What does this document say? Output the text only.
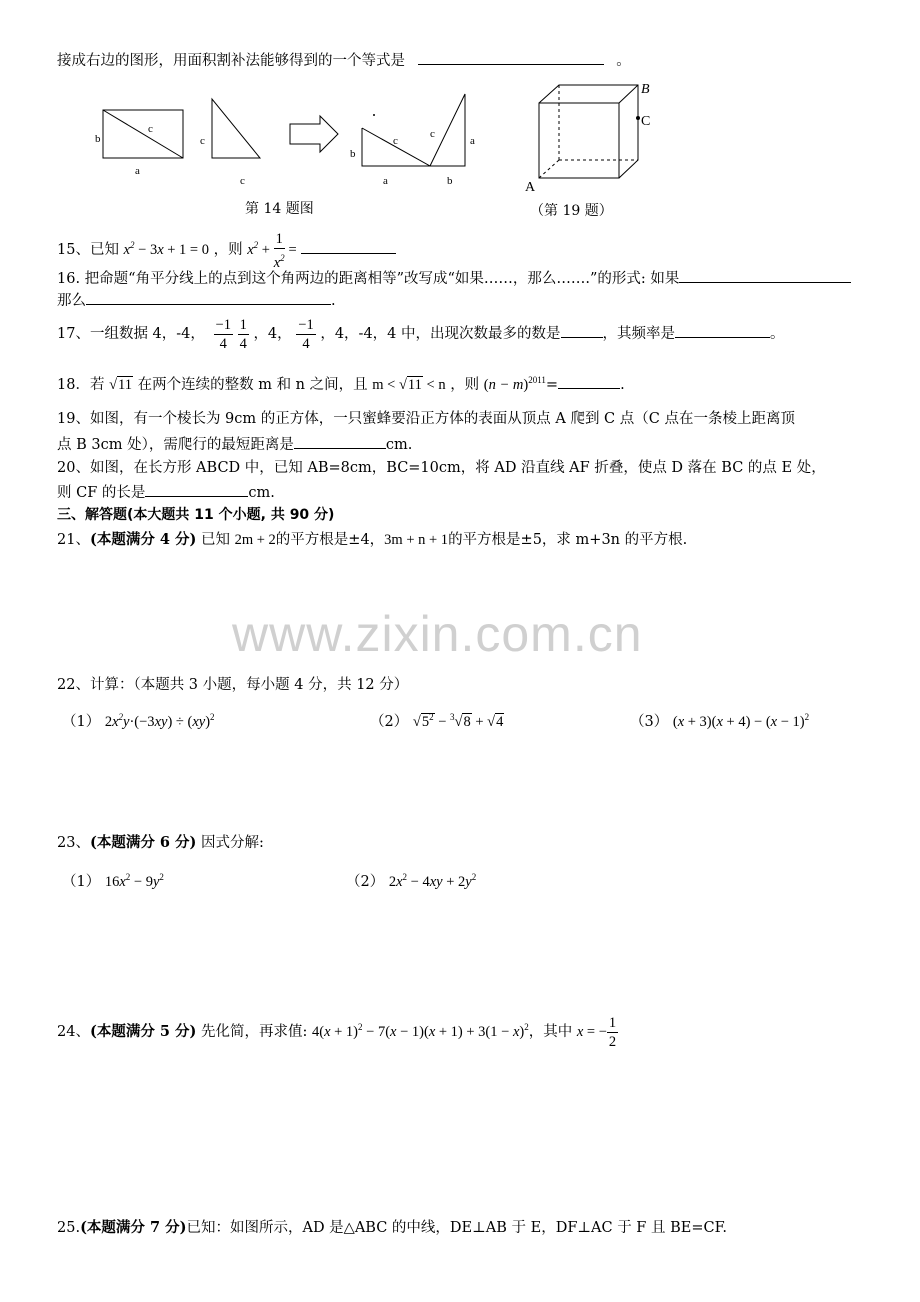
接成右边的图形，用面积割补法能够得到的一个等式是	。
b
c
a
c
c
b
c
c
a
a	b
第 14 题图
A
B
C
（第 19 题）
15、已知 $x^2 - 3x + 1 = 0$ ，则 $x^2 + \frac{1}{x^2}$ =
16. 把命题“角平分线上的点到这个角两边的距离相等”改写成“如果……，那么…….”的形式: 如果
那么	.
17、一组数据 4，-4， $\frac{-1}{4}$
$\frac{1}{4}$ ，4， $\frac{-1}{4}$ ，4，-4，4 中，出现次数最多的数是	，其频率是	。
18．若 √11 在两个连续的整数 m 和 n 之间，且 m < √11 < n ，则 $(n - m)^{2011}=$	.
19、如图，有一个棱长为 9cm 的正方体，一只蜜蜂要沿正方体的表面从顶点 A 爬到 C 点（C 点在一条棱上距离顶
点 B 3cm 处），需爬行的最短距离是	cm.
20、如图，在长方形 ABCD 中，已知 AB=8cm，BC=10cm，将 AD 沿直线 AF 折叠，使点 D 落在 BC 的点 E 处，
则 CF 的长是	cm.
三、解答题(本大题共 11 个小题, 共 90 分)
21、(本题满分 4 分) 已知 2m + 2的平方根是±4，3m + n + 1的平方根是±5，求 m+3n 的平方根.
www.zixin.com.cn
22、计算：（本题共 3 小题，每小题 4 分，共 12 分）
（1） $2x^2y\cdot(-3xy) \div (xy)^2$	（2） $√5^2 - ^3√8 + √4$	（3） $(x + 3)(x + 4) - (x - 1)^2$
23、(本题满分 6 分) 因式分解:
（1） $16x^2 - 9y^2$	（2） $2x^2 - 4xy + 2y^2$
24、(本题满分 5 分) 先化简，再求值: $4(x + 1)^2 - 7(x - 1)(x + 1) + 3(1 - x)^2$，其中 x = − $\frac{1}{2}$
25.(本题满分 7 分)已知：如图所示，AD 是△ABC 的中线，DE⊥AB 于 E，DF⊥AC 于 F 且 BE=CF.
